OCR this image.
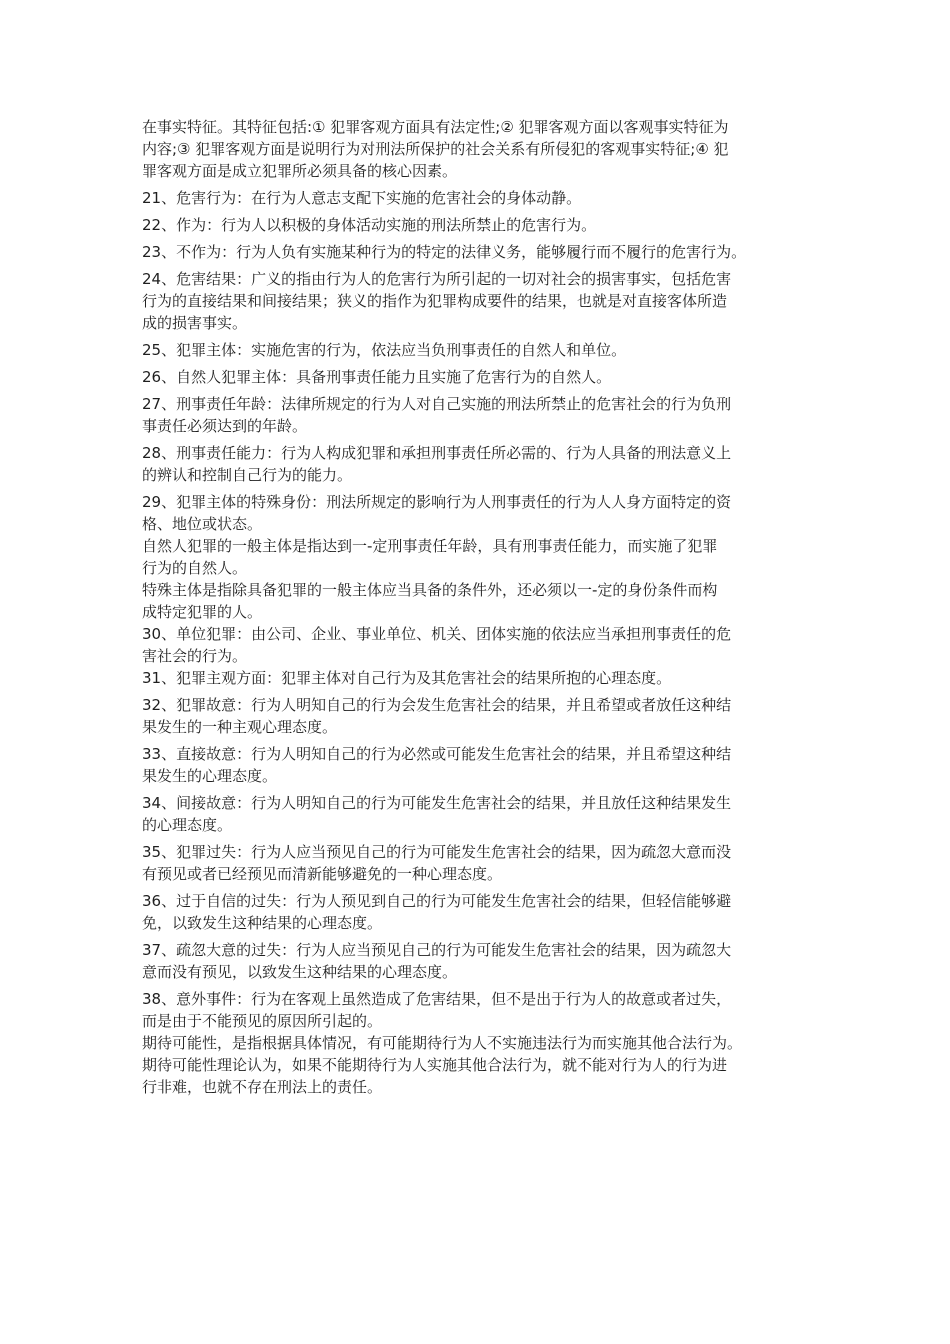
在事实特征。其特征包括:① 犯罪客观方面具有法定性;② 犯罪客观方面以客观事实特征为
内容;③ 犯罪客观方面是说明行为对刑法所保护的社会关系有所侵犯的客观事实特征;④ 犯
罪客观方面是成立犯罪所必须具备的核心因素。

21、危害行为：在行为人意志支配下实施的危害社会的身体动静。

22、作为：行为人以积极的身体活动实施的刑法所禁止的危害行为。

23、不作为：行为人负有实施某种行为的特定的法律义务，能够履行而不履行的危害行为。

24、危害结果：广义的指由行为人的危害行为所引起的一切对社会的损害事实，包括危害
行为的直接结果和间接结果；狭义的指作为犯罪构成要件的结果，也就是对直接客体所造
成的损害事实。

25、犯罪主体：实施危害的行为，依法应当负刑事责任的自然人和单位。

26、自然人犯罪主体：具备刑事责任能力且实施了危害行为的自然人。

27、刑事责任年龄：法律所规定的行为人对自己实施的刑法所禁止的危害社会的行为负刑
事责任必须达到的年龄。

28、刑事责任能力：行为人构成犯罪和承担刑事责任所必需的、行为人具备的刑法意义上
的辨认和控制自己行为的能力。

29、犯罪主体的特殊身份：刑法所规定的影响行为人刑事责任的行为人人身方面特定的资
格、地位或状态。

自然人犯罪的一般主体是指达到一-定刑事责任年龄，具有刑事责任能力，而实施了犯罪
行为的自然人。

特殊主体是指除具备犯罪的一般主体应当具备的条件外，还必须以一-定的身份条件而构
成特定犯罪的人。

30、单位犯罪：由公司、企业、事业单位、机关、团体实施的依法应当承担刑事责任的危
害社会的行为。

31、犯罪主观方面：犯罪主体对自己行为及其危害社会的结果所抱的心理态度。

32、犯罪故意：行为人明知自己的行为会发生危害社会的结果，并且希望或者放任这种结
果发生的一种主观心理态度。

33、直接故意：行为人明知自己的行为必然或可能发生危害社会的结果，并且希望这种结
果发生的心理态度。

34、间接故意：行为人明知自己的行为可能发生危害社会的结果，并且放任这种结果发生
的心理态度。

35、犯罪过失：行为人应当预见自己的行为可能发生危害社会的结果，因为疏忽大意而没
有预见或者已经预见而清新能够避免的一种心理态度。

36、过于自信的过失：行为人预见到自己的行为可能发生危害社会的结果，但轻信能够避
免，以致发生这种结果的心理态度。

37、疏忽大意的过失：行为人应当预见自己的行为可能发生危害社会的结果，因为疏忽大
意而没有预见，以致发生这种结果的心理态度。

38、意外事件：行为在客观上虽然造成了危害结果，但不是出于行为人的故意或者过失，
而是由于不能预见的原因所引起的。

期待可能性，是指根据具体情况，有可能期待行为人不实施违法行为而实施其他合法行为。

期待可能性理论认为，如果不能期待行为人实施其他合法行为，就不能对行为人的行为进
行非难，也就不存在刑法上的责任。
